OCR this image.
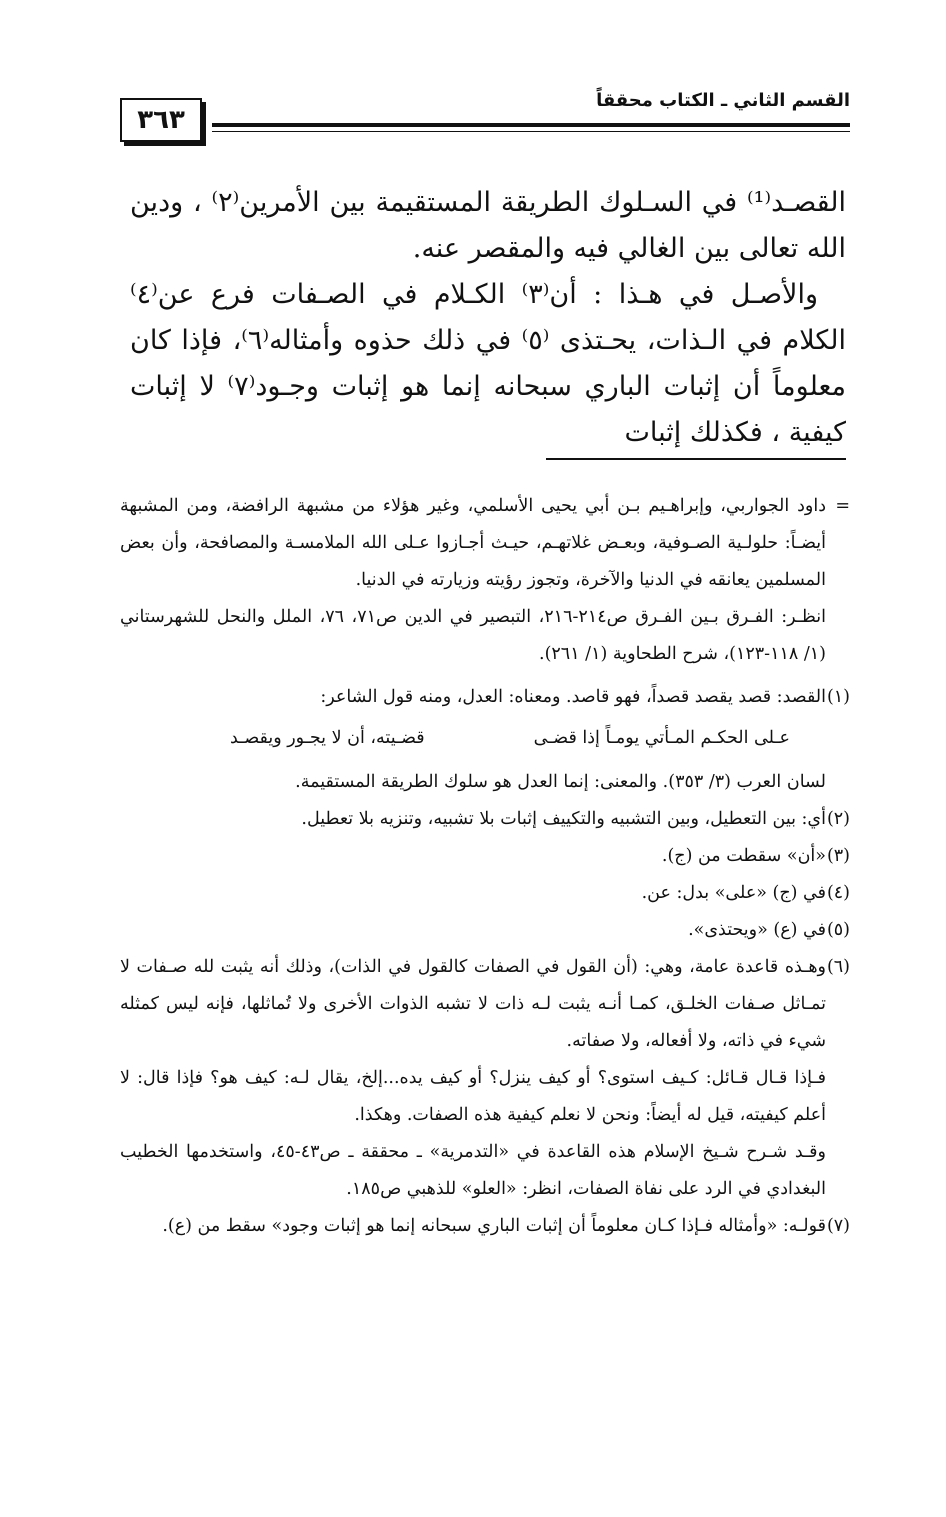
٣٦٣
القسم الثاني ـ الكتاب محققاً

القصـد⁽¹⁾ في السـلوك الطريقة المستقيمة بين الأمرين⁽٢⁾ ، ودين الله تعالى بين الغالي فيه والمقصر عنه.

والأصـل في هـذا : أن⁽٣⁾ الكـلام في الصـفات فرع عن⁽٤⁾ الكلام في الـذات، يحـتذى ⁽٥⁾ في ذلك حذوه وأمثاله⁽٦⁾، فإذا كان معلوماً أن إثبات الباري سبحانه إنما هو إثبات وجـود⁽٧⁾ لا إثبات كيفية ، فكذلك إثبات

=داود الجواربي، وإبراهـيم بـن أبي يحيى الأسلمي، وغير هؤلاء من مشبهة الرافضة، ومن المشبهة أيضـاً: حلولـية الصـوفية، وبعـض غلاتهـم، حيـث أجـازوا عـلى الله الملامسـة والمصافحة، وأن بعض المسلمين يعانقه في الدنيا والآخرة، وتجوز رؤيته وزيارته في الدنيا.

انظـر: الفـرق بـين الفـرق ص٢١٤-٢١٦، التبصير في الدين ص٧١، ٧٦، الملل والنحل للشهرستاني (١/ ١١٨-١٢٣)، شرح الطحاوية (١/ ٢٦١).

(١)القصد: قصد يقصد قصداً، فهو قاصد. ومعناه: العدل، ومنه قول الشاعر:

عـلى الحكـم المـأتي يومـاً إذا قضـى
قضـيته، أن لا يجـور ويقصـد

لسان العرب (٣/ ٣٥٣). والمعنى: إنما العدل هو سلوك الطريقة المستقيمة.

(٢)أي: بين التعطيل، وبين التشبيه والتكييف إثبات بلا تشبيه، وتنزيه بلا تعطيل.

(٣)«أن» سقطت من (ج).

(٤)في (ج) «على» بدل: عن.

(٥)في (ع) «ويحتذى».

(٦)وهـذه قاعدة عامة، وهي: (أن القول في الصفات كالقول في الذات)، وذلك أنه يثبت لله صـفات لا تمـاثل صـفات الخلـق، كمـا أنـه يثبت لـه ذات لا تشبه الذوات الأخرى ولا تُماثلها، فإنه ليس كمثله شيء في ذاته، ولا أفعاله، ولا صفاته.

فـإذا قـال قـائل: كـيف استوى؟ أو كيف ينزل؟ أو كيف يده...إلخ، يقال لـه: كيف هو؟ فإذا قال: لا أعلم كيفيته، قيل له أيضاً: ونحن لا نعلم كيفية هذه الصفات. وهكذا.

وقـد شـرح شـيخ الإسلام هذه القاعدة في «التدمرية» ـ محققة ـ ص٤٣-٤٥، واستخدمها الخطيب البغدادي في الرد على نفاة الصفات، انظر: «العلو» للذهبي ص١٨٥.

(٧)قولـه: «وأمثاله فـإذا كـان معلوماً أن إثبات الباري سبحانه إنما هو إثبات وجود» سقط من (ع).
